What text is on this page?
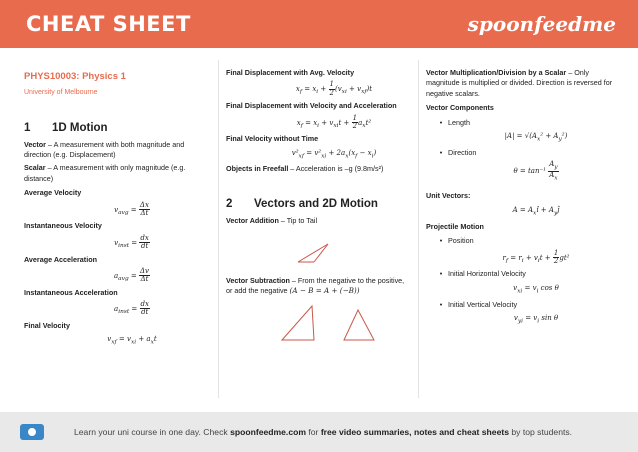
CHEAT SHEET	spoonfeedme
PHYS10003: Physics 1
University of Melbourne
1	1D Motion

Vector – A measurement with both magnitude and direction (e.g. Displacement)

Scalar – A measurement with only magnitude (e.g. distance)

Average Velocity
$v_{avg} = \frac{\Delta x}{\Delta t}$
Instantaneous Velocity
$v_{inst} = \frac{dx}{dt}$
Average Acceleration
$a_{avg} = \frac{\Delta v}{\Delta t}$
Instantaneous Acceleration
$a_{inst} = \frac{dx}{dt}$
Final Velocity
$v_{xf} = v_{xi} + a_xt$
Final Displacement with Avg. Velocity
$x_f = x_i + \frac{1}{2} (v_{xi} + v_{xf})t$
Final Displacement with Velocity and Acceleration
$x_f = x_i + v_{xi}t + \frac{1}{2} a_xt^2$
Final Velocity without Time
$v^2_{xf} = v^2_{xi} + 2a_x(x_f - x_i)$

Objects in Freefall – Acceleration is –g (9.8m/s²)

2	Vectors and 2D Motion

Vector Addition – Tip to Tail

Vector Subtraction – From the negative to the positive, or add the negative (A − B = A + (−B))

Vector Multiplication/Division by a Scalar – Only magnitude is multiplied or divided. Direction is reversed for negative scalars.

Vector Components
• Length
$|A| = √(A_x^2 + A_y^2)$
• Direction
$\theta = \tan^{-1} \frac{A_y}{A_x}$
Unit Vectors:
$A = A_xî$ + $A_yĵ$
Projectile Motion
• Position
$r_f = r_i + v_it + \frac{1}{2} gt^2$
• Initial Horizontal Velocity
$v_{xi} = v_i$ cos θ
• Initial Vertical Velocity
$v_{yi} = v_i$ sin θ
Learn your uni course in one day. Check spoonfeedme.com for free video summaries, notes and cheat sheets by top students.
